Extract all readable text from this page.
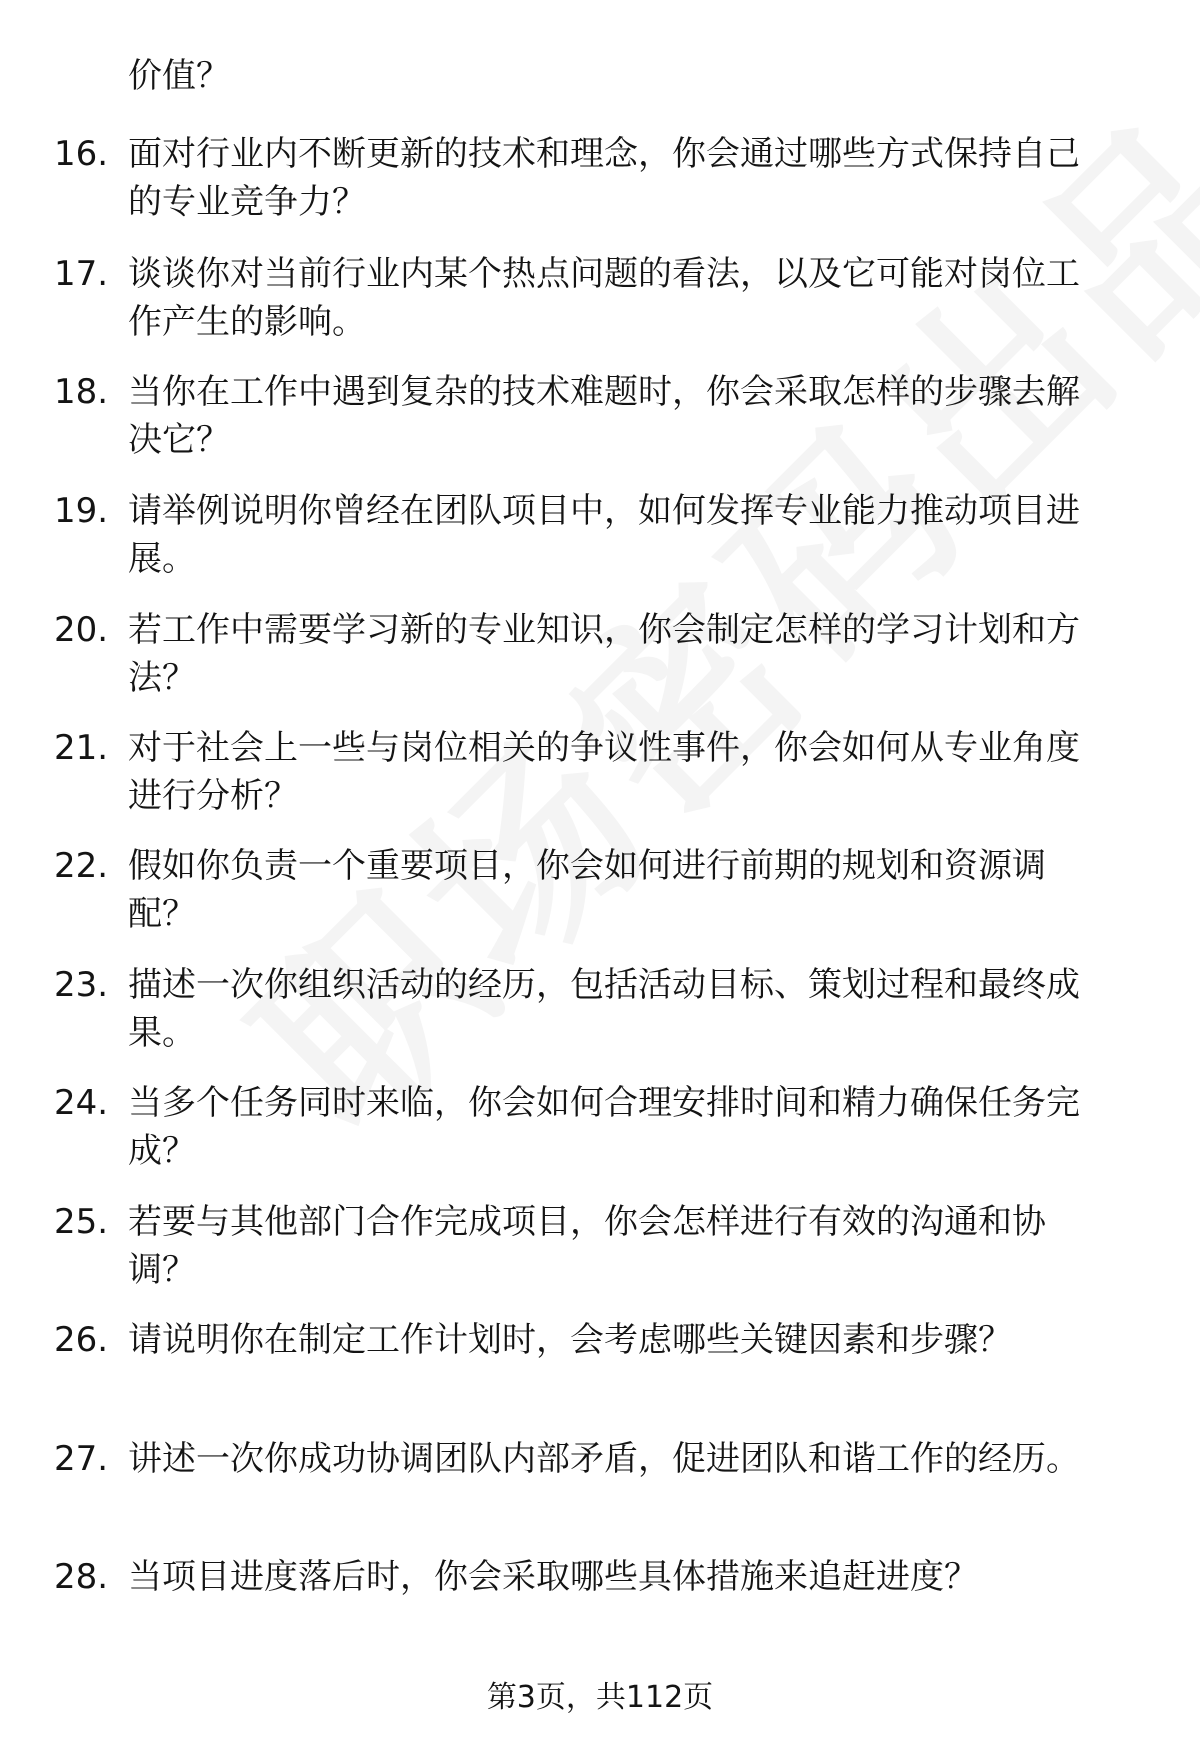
价值？
16. 面对行业内不断更新的技术和理念，你会通过哪些方式保持自己
的专业竞争力？
17. 谈谈你对当前行业内某个热点问题的看法，以及它可能对岗位工
作产生的影响。
18. 当你在工作中遇到复杂的技术难题时，你会采取怎样的步骤去解
决它？
19. 请举例说明你曾经在团队项目中，如何发挥专业能力推动项目进
展。
20. 若工作中需要学习新的专业知识，你会制定怎样的学习计划和方
法？
21. 对于社会上一些与岗位相关的争议性事件，你会如何从专业角度
进行分析？
22. 假如你负责一个重要项目，你会如何进行前期的规划和资源调
配？
23. 描述一次你组织活动的经历，包括活动目标、策划过程和最终成
果。
24. 当多个任务同时来临，你会如何合理安排时间和精力确保任务完
成？
25. 若要与其他部门合作完成项目，你会怎样进行有效的沟通和协
调？
26. 请说明你在制定工作计划时，会考虑哪些关键因素和步骤？
27. 讲述一次你成功协调团队内部矛盾，促进团队和谐工作的经历。
28. 当项目进度落后时，你会采取哪些具体措施来追赶进度？
第3页，共112页
